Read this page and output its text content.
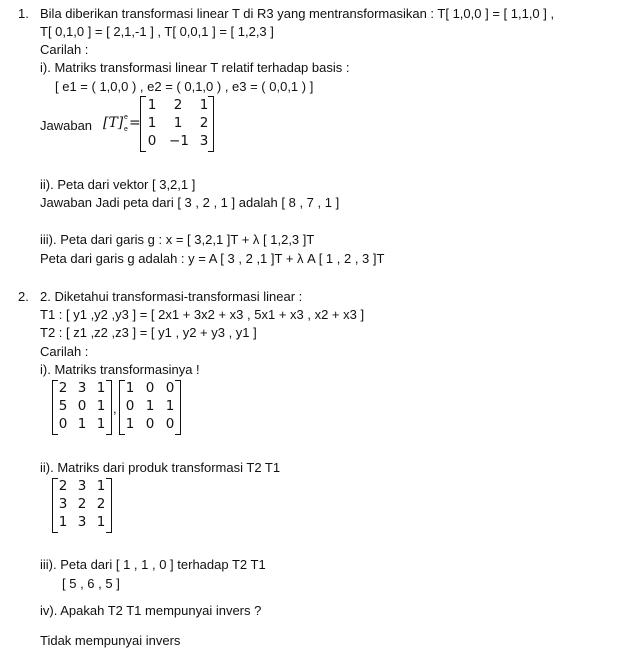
1. Bila diberikan transformasi linear T di R3 yang mentransformasikan : T[ 1,0,0 ] = [ 1,1,0 ] ,
T[ 0,1,0 ] = [ 2,1,-1 ] , T[ 0,0,1 ] = [ 1,2,3 ]
Carilah :
i). Matriks transformasi linear T relatif terhadap basis :
[ e1 = ( 1,0,0 ) , e2 = ( 0,1,0 ) , e3 = ( 0,0,1 ) ]
Jawaban [T] e
e =
1	2	1
1	1	2
0 −1 3
ii). Peta dari vektor [ 3,2,1 ]
Jawaban Jadi peta dari [ 3 , 2 , 1 ] adalah [ 8 , 7 , 1 ]
iii). Peta dari garis g : x = [ 3,2,1 ]T + λ [ 1,2,3 ]T
Peta dari garis g adalah : y = A [ 3 , 2 ,1 ]T + λ A [ 1 , 2 , 3 ]T
2. 2. Diketahui transformasi-transformasi linear :
T1 : [ y1 ,y2 ,y3 ] = [ 2x1 + 3x2 + x3 , 5x1 + x3 , x2 + x3 ]
T2 : [ z1 ,z2 ,z3 ] = [ y1 , y2 + y3 , y1 ]
Carilah :
i). Matriks transformasinya !
2 3 1
5 0 1
0 1 1
,
1 0 0
0 1 1
1 0 0
ii). Matriks dari produk transformasi T2 T1
2 3 1
3 2 2
1 3 1
iii). Peta dari [ 1 , 1 , 0 ] terhadap T2 T1
[ 5 , 6 , 5 ]
iv). Apakah T2 T1 mempunyai invers ?
Tidak mempunyai invers
